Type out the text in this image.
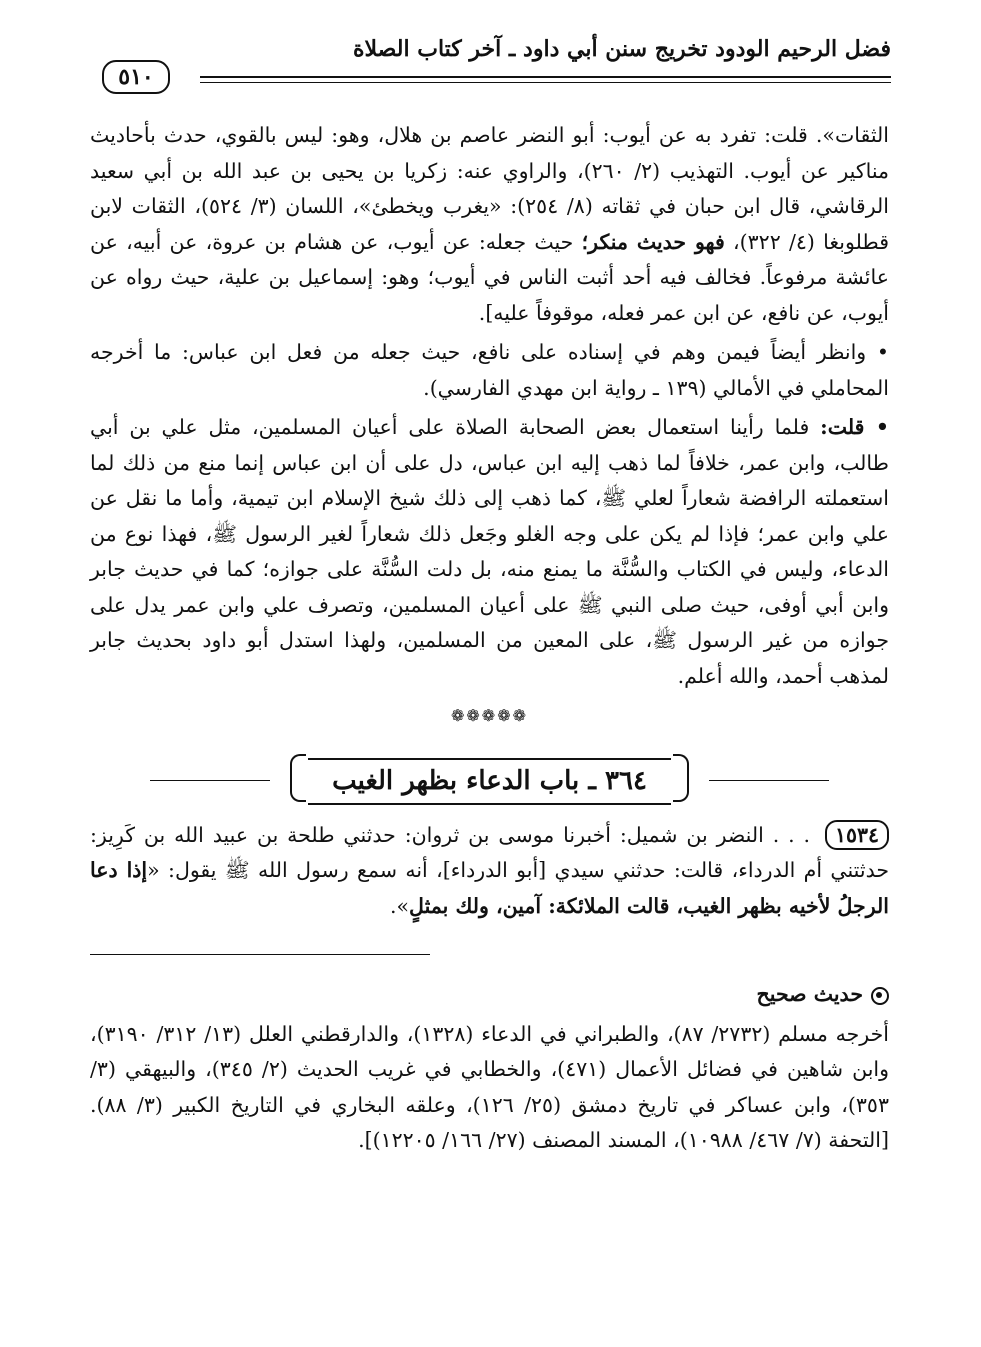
فضل الرحيم الودود تخريج سنن أبي داود ـ آخر كتاب الصلاة
٥١٠

الثقات». قلت: تفرد به عن أيوب: أبو النضر عاصم بن هلال، وهو: ليس بالقوي، حدث بأحاديث مناكير عن أيوب. التهذيب (٢/ ٢٦٠)، والراوي عنه: زكريا بن يحيى بن عبد الله بن أبي سعيد الرقاشي، قال ابن حبان في ثقاته (٨/ ٢٥٤): «يغرب ويخطئ»، اللسان (٣/ ٥٢٤)، الثقات لابن قطلوبغا (٤/ ٣٢٢)، فهو حديث منكر؛ حيث جعله: عن أيوب، عن هشام بن عروة، عن أبيه، عن عائشة مرفوعاً. فخالف فيه أحد أثبت الناس في أيوب؛ وهو: إسماعيل بن علية، حيث رواه عن أيوب، عن نافع، عن ابن عمر فعله، موقوفاً عليه].

• وانظر أيضاً فيمن وهم في إسناده على نافع، حيث جعله من فعل ابن عباس: ما أخرجه المحاملي في الأمالي (١٣٩ ـ رواية ابن مهدي الفارسي).

• قلت: فلما رأينا استعمال بعض الصحابة الصلاة على أعيان المسلمين، مثل علي بن أبي طالب، وابن عمر، خلافاً لما ذهب إليه ابن عباس، دل على أن ابن عباس إنما منع من ذلك لما استعملته الرافضة شعاراً لعلي ﷺ، كما ذهب إلى ذلك شيخ الإسلام ابن تيمية، وأما ما نقل عن علي وابن عمر؛ فإذا لم يكن على وجه الغلو وجَعل ذلك شعاراً لغير الرسول ﷺ، فهذا نوع من الدعاء، وليس في الكتاب والسُّنَّة ما يمنع منه، بل دلت السُّنَّة على جوازه؛ كما في حديث جابر وابن أبي أوفى، حيث صلى النبي ﷺ على أعيان المسلمين، وتصرف علي وابن عمر يدل على جوازه من غير الرسول ﷺ، على المعين من المسلمين، ولهذا استدل أبو داود بحديث جابر لمذهب أحمد، والله أعلم.

❁❁❁❁❁
٣٦٤ ـ باب الدعاء بظهر الغيب

١٥٣٤ . . . النضر بن شميل: أخبرنا موسى بن ثروان: حدثني طلحة بن عبيد الله بن كَرِيز: حدثتني أم الدرداء، قالت: حدثني سيدي [أبو الدرداء]، أنه سمع رسول الله ﷺ يقول: «إذا دعا الرجلُ لأخيه بظهر الغيب، قالت الملائكة: آمين، ولك بمثلٍ».

حديث صحيح

أخرجه مسلم (٢٧٣٢/ ٨٧)، والطبراني في الدعاء (١٣٢٨)، والدارقطني العلل (١٣/ ٣١٢/ ٣١٩٠)، وابن شاهين في فضائل الأعمال (٤٧١)، والخطابي في غريب الحديث (٢/ ٣٤٥)، والبيهقي (٣/ ٣٥٣)، وابن عساكر في تاريخ دمشق (٢٥/ ١٢٦)، وعلقه البخاري في التاريخ الكبير (٣/ ٨٨). [التحفة (٧/ ٤٦٧/ ١٠٩٨٨)، المسند المصنف (٢٧/ ١٦٦/ ١٢٢٠٥)].
